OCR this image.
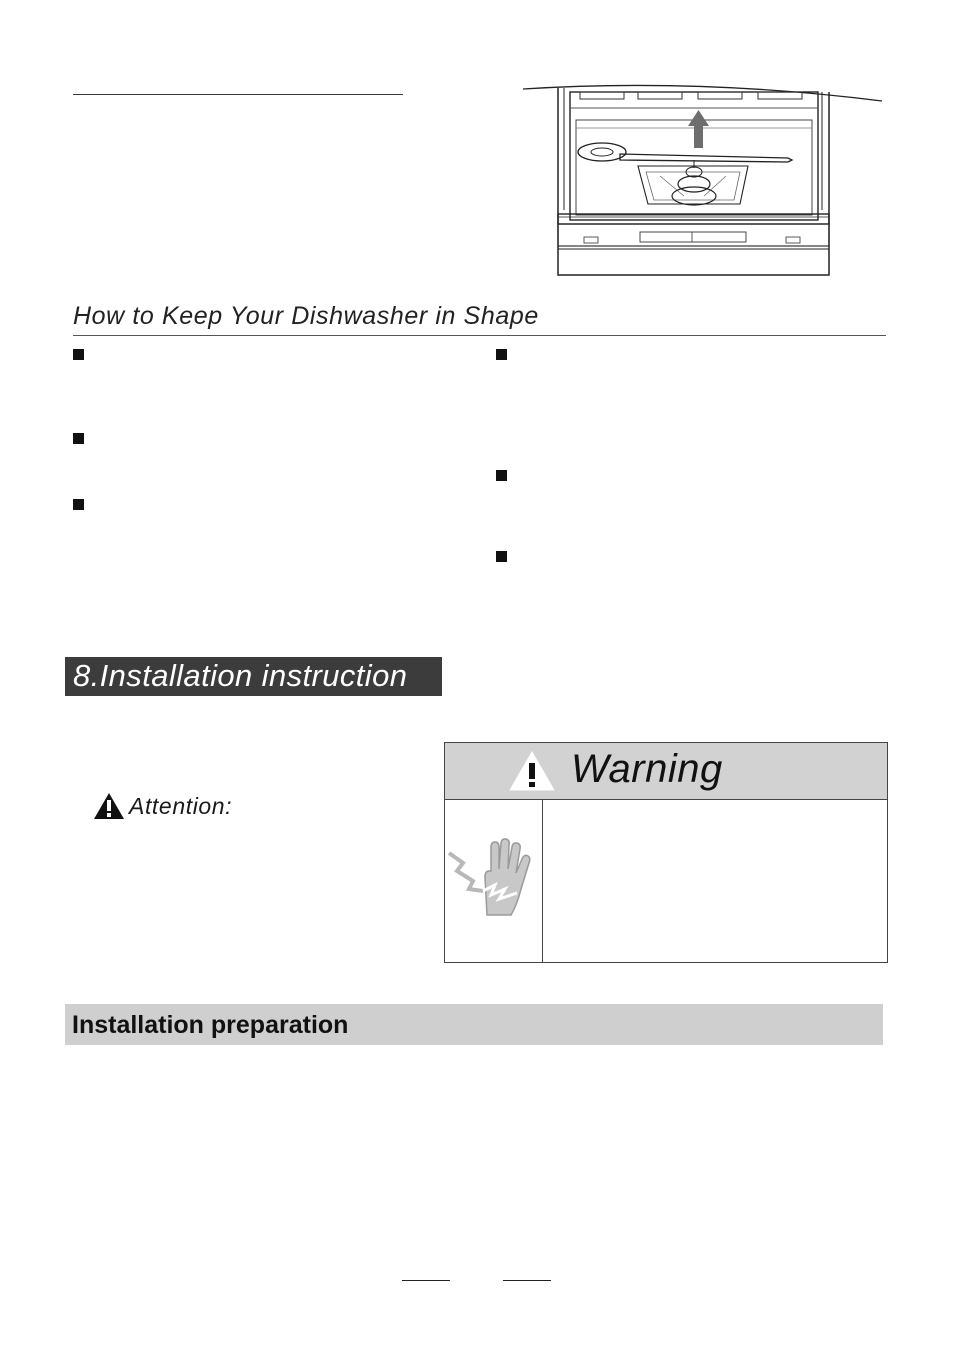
How to Keep Your Dishwasher in Shape
8.Installation instruction
Attention:
Warning
Installation preparation
